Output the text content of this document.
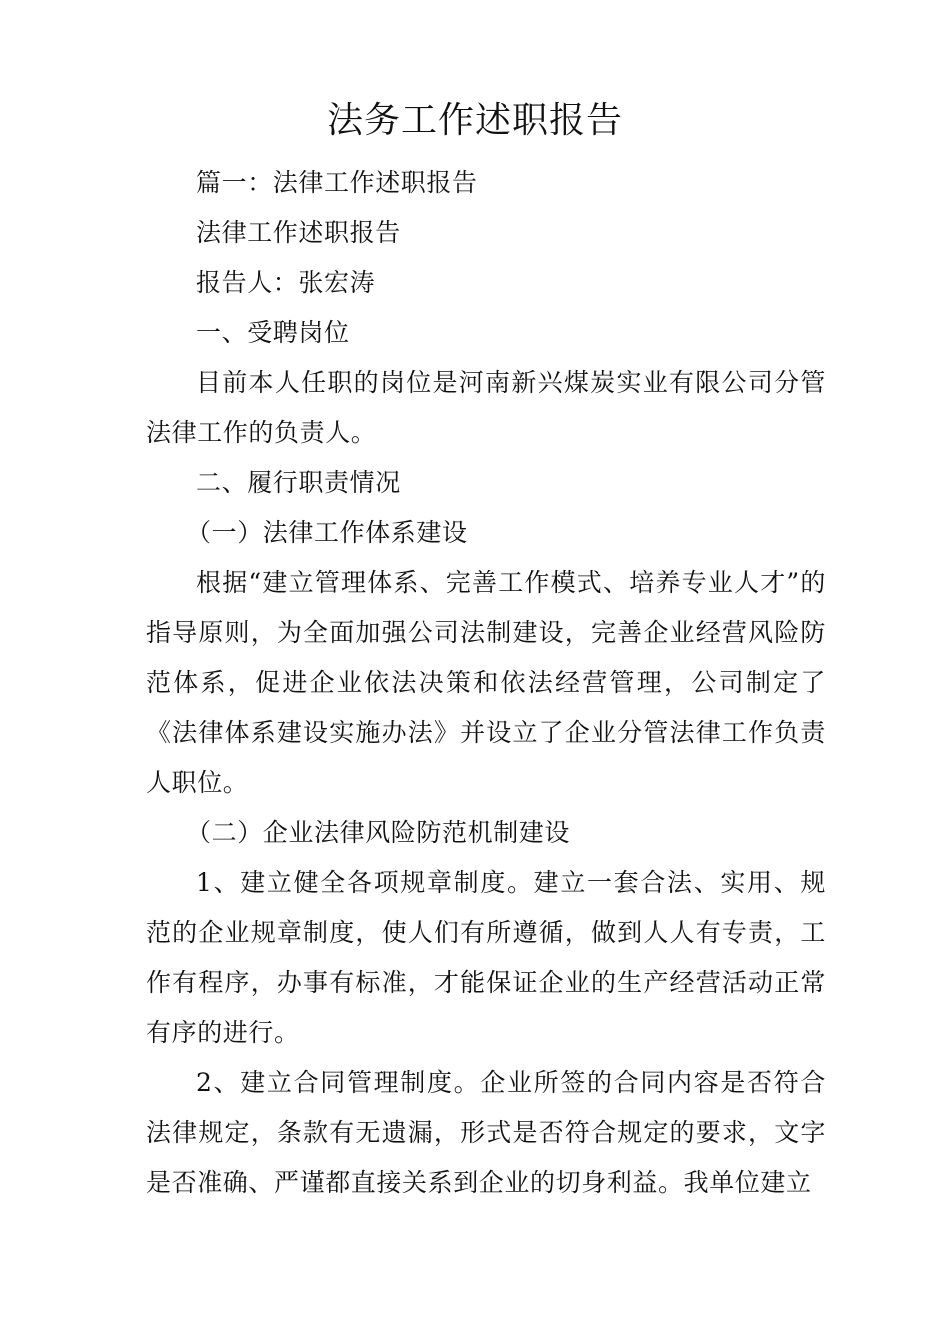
法务工作述职报告

篇一：法律工作述职报告

法律工作述职报告

报告人：张宏涛

一、受聘岗位

目前本人任职的岗位是河南新兴煤炭实业有限公司分管法律工作的负责人。

二、履行职责情况

（一）法律工作体系建设

根据“建立管理体系、完善工作模式、培养专业人才”的指导原则，为全面加强公司法制建设，完善企业经营风险防范体系，促进企业依法决策和依法经营管理，公司制定了《法律体系建设实施办法》并设立了企业分管法律工作负责人职位。

（二）企业法律风险防范机制建设

1、建立健全各项规章制度。建立一套合法、实用、规范的企业规章制度，使人们有所遵循，做到人人有专责，工作有程序，办事有标准，才能保证企业的生产经营活动正常有序的进行。

2、建立合同管理制度。企业所签的合同内容是否符合法律规定，条款有无遗漏，形式是否符合规定的要求，文字是否准确、严谨都直接关系到企业的切身利益。我单位建立
